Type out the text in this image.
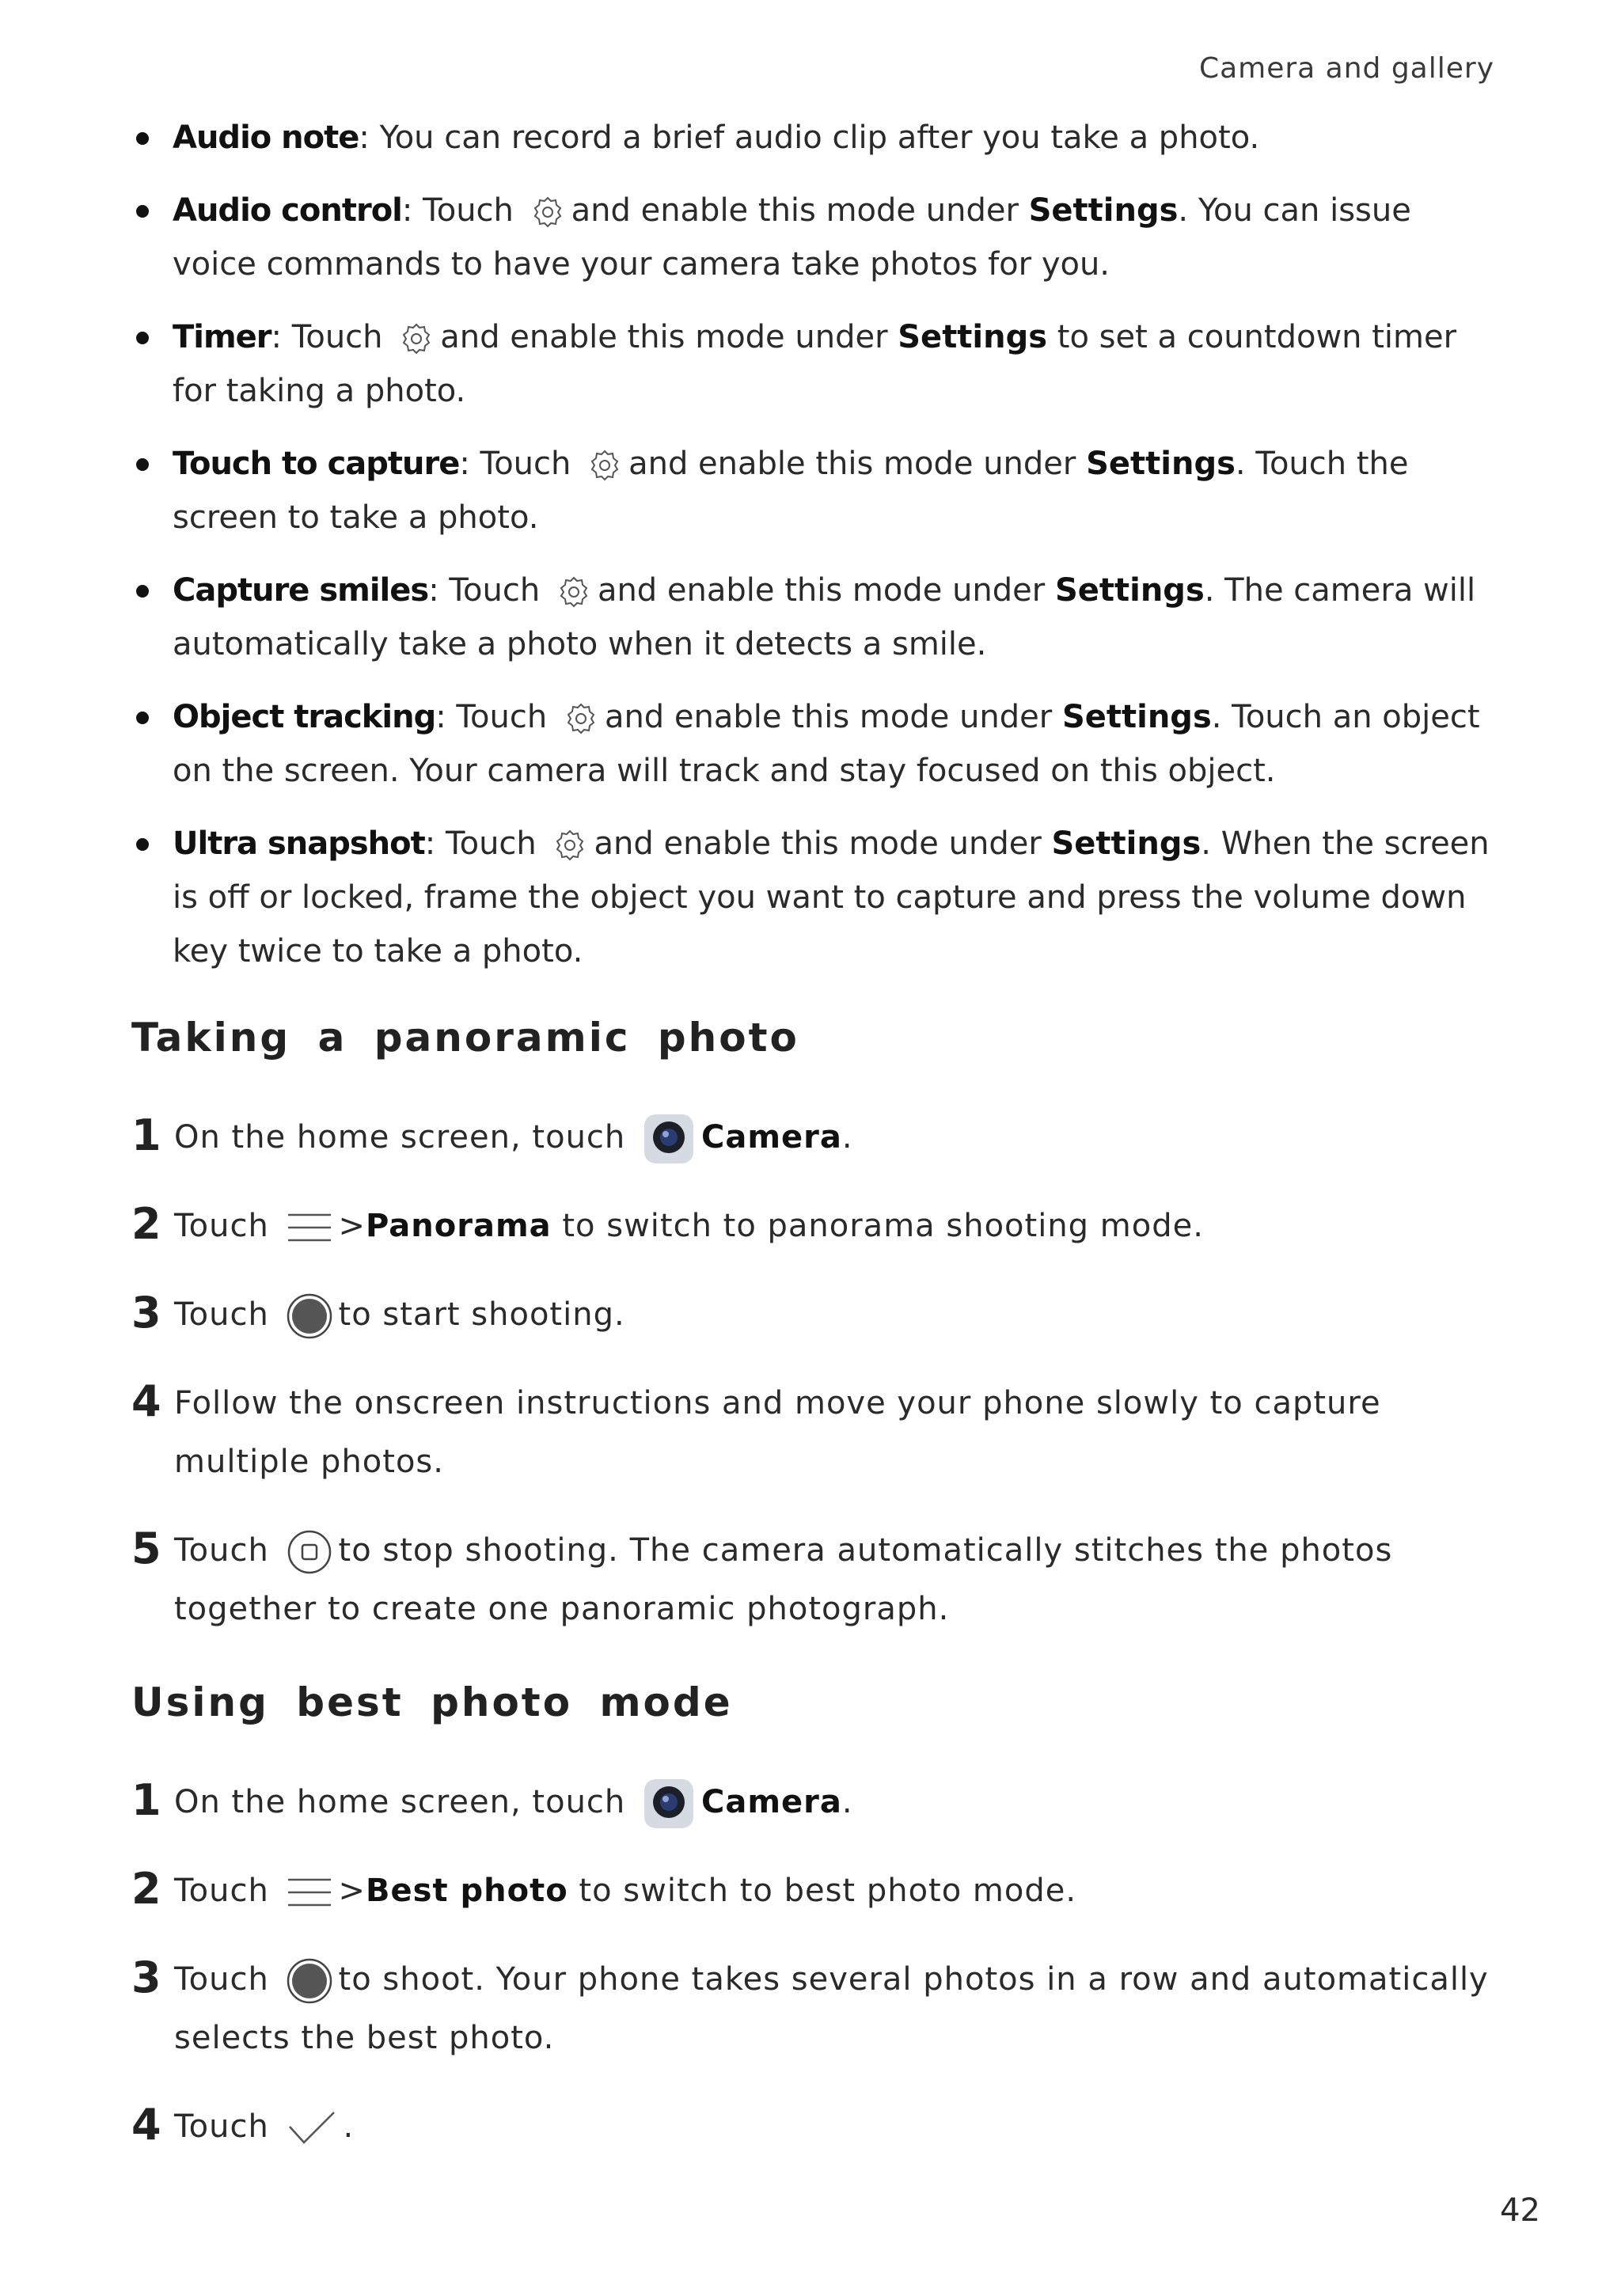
Camera and gallery
Audio note: You can record a brief audio clip after you take a photo.
Audio control: Touch and enable this mode under Settings. You can issue voice commands to have your camera take photos for you.
Timer: Touch and enable this mode under Settings to set a countdown timer for taking a photo.
Touch to capture: Touch and enable this mode under Settings. Touch the screen to take a photo.
Capture smiles: Touch and enable this mode under Settings. The camera will automatically take a photo when it detects a smile.
Object tracking: Touch and enable this mode under Settings. Touch an object on the screen. Your camera will track and stay focused on this object.
Ultra snapshot: Touch and enable this mode under Settings. When the screen is off or locked, frame the object you want to capture and press the volume down key twice to take a photo.
Taking a panoramic photo
1 On the home screen, touch Camera.
2 Touch >Panorama to switch to panorama shooting mode.
3 Touch to start shooting.
4 Follow the onscreen instructions and move your phone slowly to capture multiple photos.
5 Touch to stop shooting. The camera automatically stitches the photos together to create one panoramic photograph.
Using best photo mode
1 On the home screen, touch Camera.
2 Touch >Best photo to switch to best photo mode.
3 Touch to shoot. Your phone takes several photos in a row and automatically selects the best photo.
4 Touch .
42
